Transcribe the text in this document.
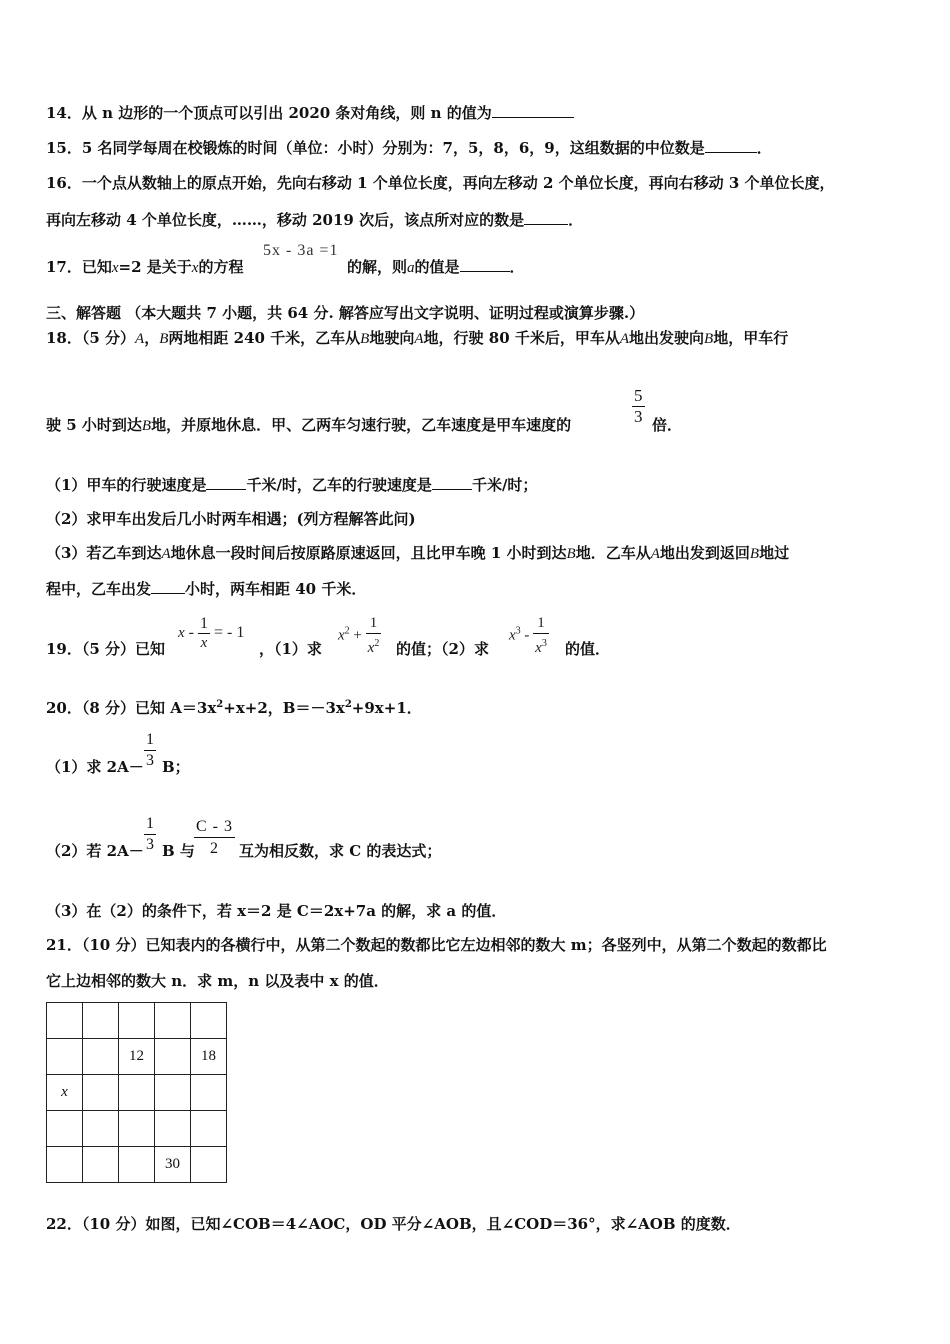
14．从 n 边形的一个顶点可以引出 2020 条对角线，则 n 的值为
15．5 名同学每周在校锻炼的时间（单位：小时）分别为：7，5，8，6，9，这组数据的中位数是	．
16．一个点从数轴上的原点开始，先向右移动 1 个单位长度，再向左移动 2 个单位长度，再向右移动 3 个单位长度，
再向左移动 4 个单位长度，……，移动 2019 次后，该点所对应的数是	．
17．已知x=2 是关于x的方程
5x - 3a =1
的解，则a的值是	．
三、解答题 （本大题共 7 小题，共 64 分. 解答应写出文字说明、证明过程或演算步骤.）
18．（5 分）A，B两地相距 240 千米，乙车从B地驶向A地，行驶 80 千米后，甲车从A地出发驶向B地，甲车行
驶 5 小时到达B地，并原地休息．甲、乙两车匀速行驶，乙车速度是甲车速度的	$\frac{5}{3}$ 倍．
（1）甲车的行驶速度是	千米/时，乙车的行驶速度是	千米/时；
（2）求甲车出发后几小时两车相遇；(列方程解答此问)
（3）若乙车到达A地休息一段时间后按原路原速返回，且比甲车晚 1 小时到达B地．乙车从A地出发到返回B地过
程中，乙车出发 小时，两车相距 40 千米．
19．（5 分）已知
x - $\frac{1}{x}$ = - 1
，（1）求
$x^2 + \frac{1}{x^2}$ 的值；（2）求
$x^3 - \frac{1}{x^3}$ 的值．
20．（8 分）已知 $A=3x^2+x+2$，$B=-3x^2+9x+1$．
（1）求 $2A- \frac{1}{3}$ B；
（2）若 $2A- \frac{1}{3}$ B 与 $\frac{C - 3}{2}$ 互为相反数，求 C 的表达式；
（3）在（2）的条件下，若 x＝2 是 C＝2x+7a 的解，求 a 的值．
21．（10 分）已知表内的各横行中，从第二个数起的数都比它左边相邻的数大 m；各竖列中，从第二个数起的数都比
它上边相邻的数大 n．求 m，n 以及表中 x 的值．

		12		18
x				

			30	
22．（10 分）如图，已知∠COB＝4∠AOC，OD 平分∠AOB，且∠COD＝36°，求∠AOB 的度数．
